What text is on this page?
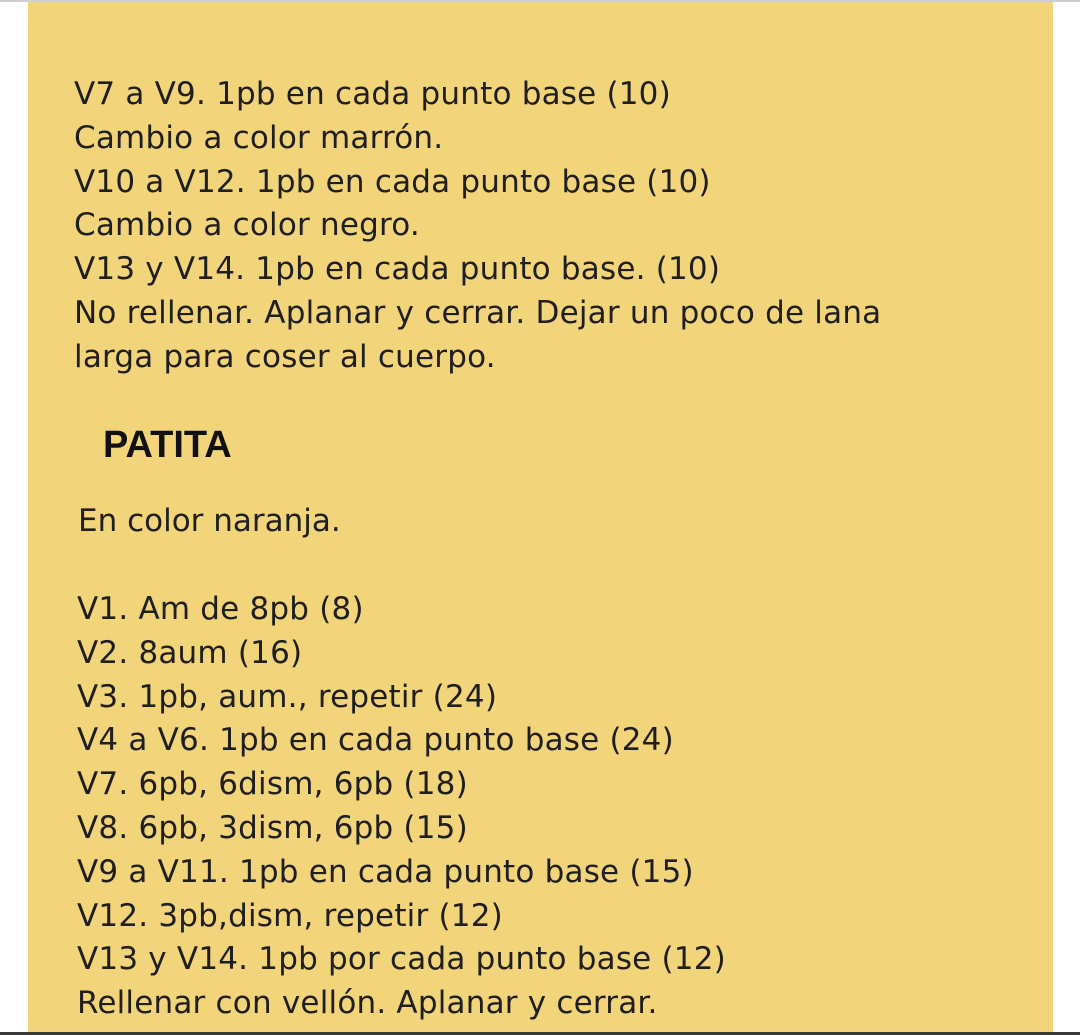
V7 a V9. 1pb en cada punto base (10)
Cambio a color marrón.
V10 a V12. 1pb en cada punto base (10)
Cambio a color negro.
V13 y V14. 1pb en cada punto base. (10)
No rellenar. Aplanar y cerrar. Dejar un poco de lana
larga para coser al cuerpo.
PATITA

En color naranja.

V1. Am de 8pb (8)
V2. 8aum (16)
V3. 1pb, aum., repetir (24)
V4 a V6. 1pb en cada punto base (24)
V7. 6pb, 6dism, 6pb (18)
V8. 6pb, 3dism, 6pb (15)
V9 a V11. 1pb en cada punto base (15)
V12. 3pb,dism, repetir (12)
V13 y V14. 1pb por cada punto base (12)
Rellenar con vellón. Aplanar y cerrar.
